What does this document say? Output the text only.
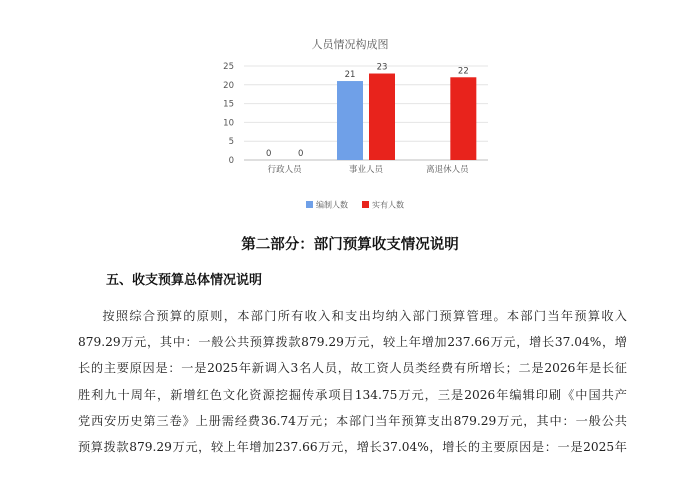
人员情况构成图
0
5
10
15
20
25
0	0
21
23	22
行政人员	事业人员	离退休人员
编制人数	实有人数
第二部分：部门预算收支情况说明
五、收支预算总体情况说明
按照综合预算的原则，本部门所有收入和支出均纳入部门预算管理。本部门当年预算收入
879.29万元，其中：一般公共预算拨款879.29万元，较上年增加237.66万元，增长37.04%，增
长的主要原因是：一是2025年新调入3名人员，故工资人员类经费有所增长；二是2026年是长征
胜利九十周年，新增红色文化资源挖掘传承项目134.75万元，三是2026年编辑印刷《中国共产
党西安历史第三卷》上册需经费36.74万元；本部门当年预算支出879.29万元，其中：一般公共
预算拨款879.29万元，较上年增加237.66万元，增长37.04%，增长的主要原因是：一是2025年
